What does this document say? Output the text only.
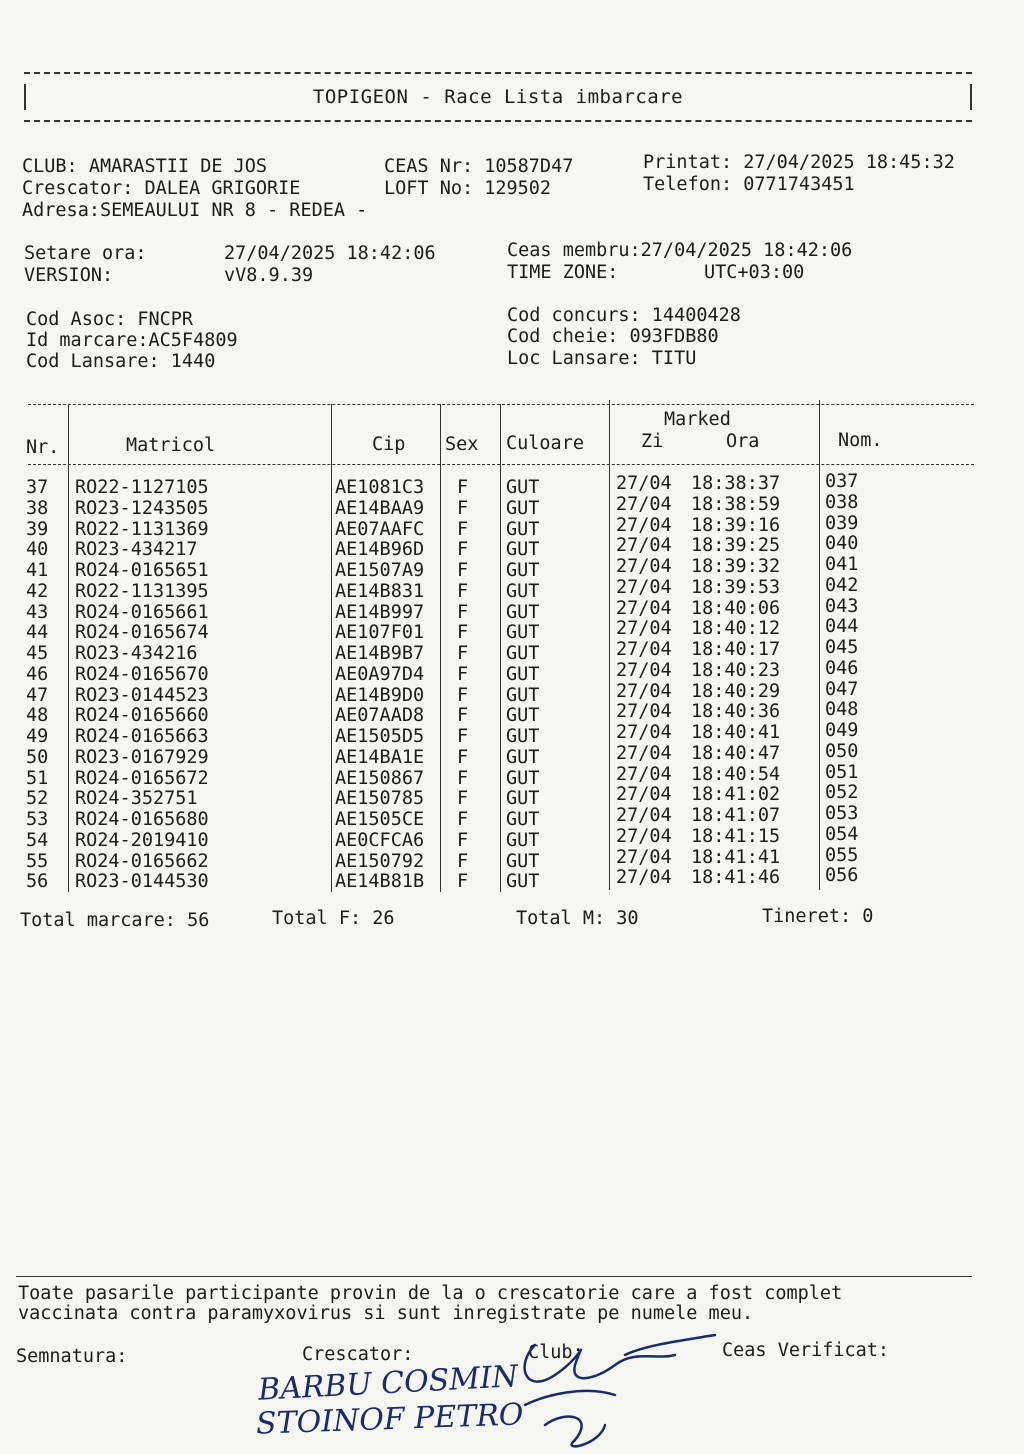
TOPIGEON - Race Lista imbarcare
CLUB: AMARASTII DE JOS
Crescator: DALEA GRIGORIE
Adresa:SEMEAULUI NR 8 - REDEA -
CEAS Nr: 10587D47
LOFT No: 129502
Printat: 27/04/2025 18:45:32
Telefon: 0771743451
Setare ora:	27/04/2025 18:42:06
VERSION:	vV8.9.39
Ceas membru:27/04/2025 18:42:06
TIME ZONE:	UTC+03:00
Cod Asoc: FNCPR
Id marcare:AC5F4809
Cod Lansare: 1440
Cod concurs: 14400428
Cod cheie: 093FDB80
Loc Lansare: TITU
Nr.	Matricol	Cip Sex Culoare
Marked
Zi	Ora	Nom.
37 RO22-1127105	AE1081C3 F GUT	27/04 18:38:37 037
38 RO23-1243505	AE14BAA9 F GUT	27/04 18:38:59 038
39 RO22-1131369	AE07AAFC F GUT	27/04 18:39:16 039
40 RO23-434217	AE14B96D F GUT	27/04 18:39:25 040
41 RO24-0165651	AE1507A9 F GUT	27/04 18:39:32 041
42 RO22-1131395	AE14B831 F GUT	27/04 18:39:53 042
43 RO24-0165661	AE14B997 F GUT	27/04 18:40:06 043
44 RO24-0165674	AE107F01 F GUT	27/04 18:40:12 044
45 RO23-434216	AE14B9B7 F GUT	27/04 18:40:17 045
46 RO24-0165670	AE0A97D4 F GUT	27/04 18:40:23 046
47 RO23-0144523	AE14B9D0 F GUT	27/04 18:40:29 047
48 RO24-0165660	AE07AAD8 F GUT	27/04 18:40:36 048
49 RO24-0165663	AE1505D5 F GUT	27/04 18:40:41 049
50 RO23-0167929	AE14BA1E F GUT	27/04 18:40:47 050
51 RO24-0165672	AE150867 F GUT	27/04 18:40:54 051
52 RO24-352751	AE150785 F GUT	27/04 18:41:02 052
53 RO24-0165680	AE1505CE F GUT	27/04 18:41:07 053
54 RO24-2019410	AE0CFCA6 F GUT	27/04 18:41:15 054
55 RO24-0165662	AE150792 F GUT	27/04 18:41:41 055
56 RO23-0144530	AE14B81B F GUT	27/04 18:41:46 056
Total marcare: 56	Total F: 26	Total M: 30	Tineret: 0
Toate pasarile participante provin de la o crescatorie care a fost complet
vaccinata contra paramyxovirus si sunt inregistrate pe numele meu.
Semnatura:	Crescator:	Club:	Ceas Verificat:
BARBU COSMIN
STOINOF PETRO
